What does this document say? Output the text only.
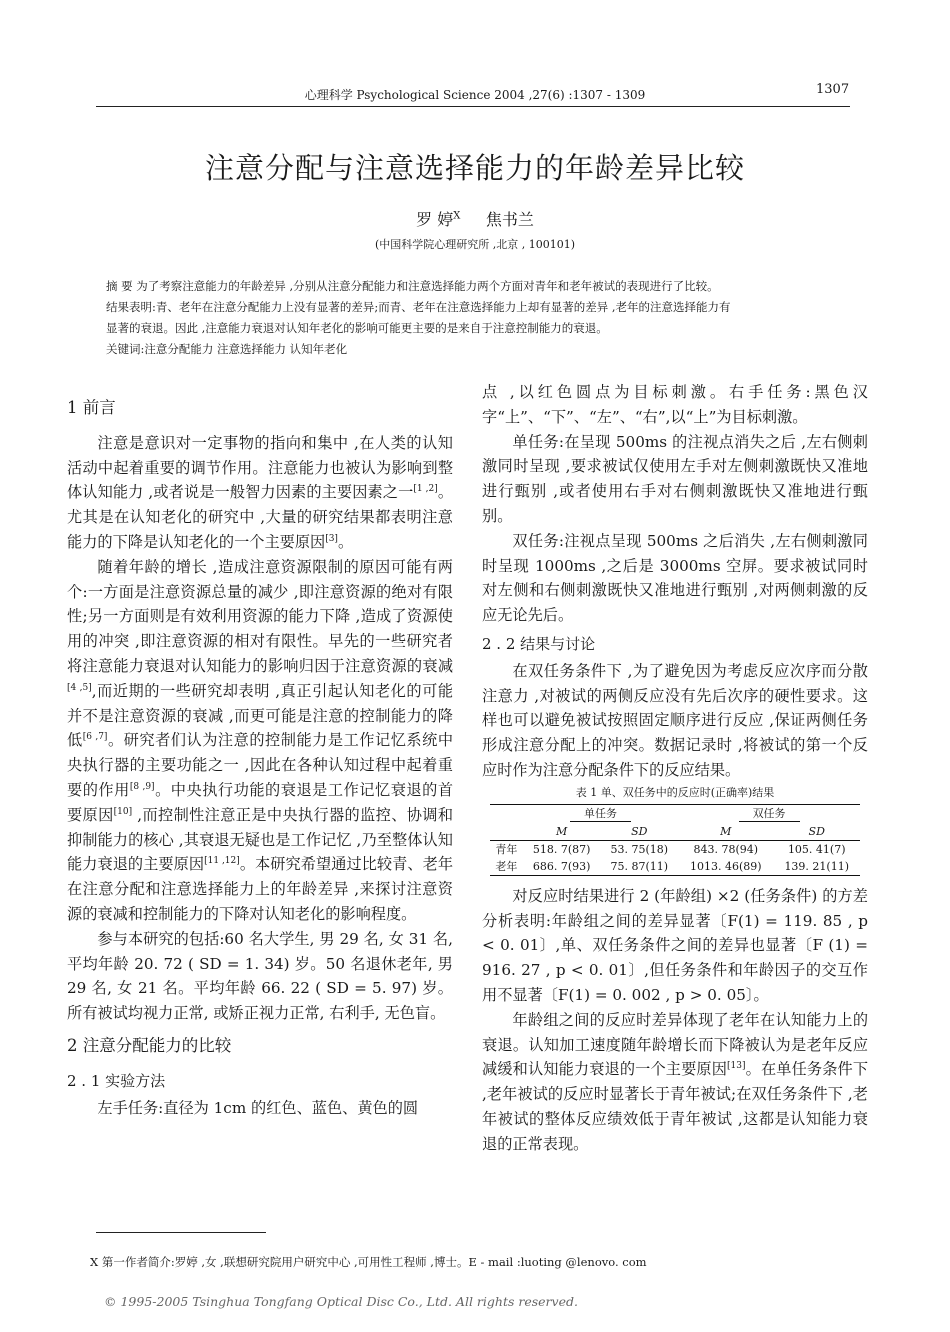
心理科学 Psychological Science 2004 ,27(6) :1307 - 1309	1307
注意分配与注意选择能力的年龄差异比较
罗 婷$^X$ 焦书兰
(中国科学院心理研究所 ,北京 , 100101)

摘 要 为了考察注意能力的年龄差异 ,分别从注意分配能力和注意选择能力两个方面对青年和老年被试的表现进行了比较。

结果表明:青、老年在注意分配能力上没有显著的差异;而青、老年在注意选择能力上却有显著的差异 ,老年的注意选择能力有

显著的衰退。因此 ,注意能力衰退对认知年老化的影响可能更主要的是来自于注意控制能力的衰退。

关键词:注意分配能力 注意选择能力 认知年老化

1 前言

注意是意识对一定事物的指向和集中 ,在人类的认知活动中起着重要的调节作用。注意能力也被认为影响到整体认知能力 ,或者说是一般智力因素的主要因素之一[1 ,2]。尤其是在认知老化的研究中 ,大量的研究结果都表明注意能力的下降是认知老化的一个主要原因[3]。

随着年龄的增长 ,造成注意资源限制的原因可能有两个:一方面是注意资源总量的减少 ,即注意资源的绝对有限性;另一方面则是有效利用资源的能力下降 ,造成了资源使用的冲突 ,即注意资源的相对有限性。早先的一些研究者将注意能力衰退对认知能力的影响归因于注意资源的衰减[4 ,5],而近期的一些研究却表明 ,真正引起认知老化的可能并不是注意资源的衰减 ,而更可能是注意的控制能力的降低[6 ,7]。研究者们认为注意的控制能力是工作记忆系统中央执行器的主要功能之一 ,因此在各种认知过程中起着重要的作用[8 ,9]。中央执行功能的衰退是工作记忆衰退的首要原因[10] ,而控制性注意正是中央执行器的监控、协调和抑制能力的核心 ,其衰退无疑也是工作记忆 ,乃至整体认知能力衰退的主要原因[11 ,12]。本研究希望通过比较青、老年在注意分配和注意选择能力上的年龄差异 ,来探讨注意资源的衰减和控制能力的下降对认知老化的影响程度。

参与本研究的包括:60 名大学生, 男 29 名, 女 31 名, 平均年龄 20. 72 ( SD = 1. 34) 岁。50 名退休老年, 男 29 名, 女 21 名。平均年龄 66. 22 ( SD = 5. 97) 岁。所有被试均视力正常, 或矫正视力正常, 右利手, 无色盲。

2 注意分配能力的比较
2 . 1 实验方法

左手任务:直径为 1cm 的红色、蓝色、黄色的圆

点 ,以红色圆点为目标刺激。右手任务:黑色汉字“上”、“下”、“左”、“右”,以“上”为目标刺激。

单任务:在呈现 500ms 的注视点消失之后 ,左右侧刺激同时呈现 ,要求被试仅使用左手对左侧刺激既快又准地进行甄别 ,或者使用右手对右侧刺激既快又准地进行甄别。

双任务:注视点呈现 500ms 之后消失 ,左右侧刺激同时呈现 1000ms ,之后是 3000ms 空屏。要求被试同时对左侧和右侧刺激既快又准地进行甄别 ,对两侧刺激的反应无论先后。

2 . 2 结果与讨论

在双任务条件下 ,为了避免因为考虑反应次序而分散注意力 ,对被试的两侧反应没有先后次序的硬性要求。这样也可以避免被试按照固定顺序进行反应 ,保证两侧任务形成注意分配上的冲突。数据记录时 ,将被试的第一个反应时作为注意分配条件下的反应结果。

表 1 单、双任务中的反应时(正确率)结果
	单任务		双任务	
	M	SD	M	SD
青年	518. 7(87)	53. 75(18)	843. 78(94)	105. 41(7)
老年	686. 7(93)	75. 87(11)	1013. 46(89)	139. 21(11)

对反应时结果进行 2 (年龄组) ×2 (任务条件) 的方差分析表明:年龄组之间的差异显著〔F(1) = 119. 85 , p < 0. 01〕,单、双任务条件之间的差异也显著〔F (1) = 916. 27 , p < 0. 01〕,但任务条件和年龄因子的交互作用不显著〔F(1) = 0. 002 , p > 0. 05〕。

年龄组之间的反应时差异体现了老年在认知能力上的衰退。认知加工速度随年龄增长而下降被认为是老年反应减缓和认知能力衰退的一个主要原因[13]。在单任务条件下 ,老年被试的反应时显著长于青年被试;在双任务条件下 ,老年被试的整体反应绩效低于青年被试 ,这都是认知能力衰退的正常表现。

X 第一作者简介:罗婷 ,女 ,联想研究院用户研究中心 ,可用性工程师 ,博士。E - mail :luoting @lenovo. com
© 1995-2005 Tsinghua Tongfang Optical Disc Co., Ltd. All rights reserved.
